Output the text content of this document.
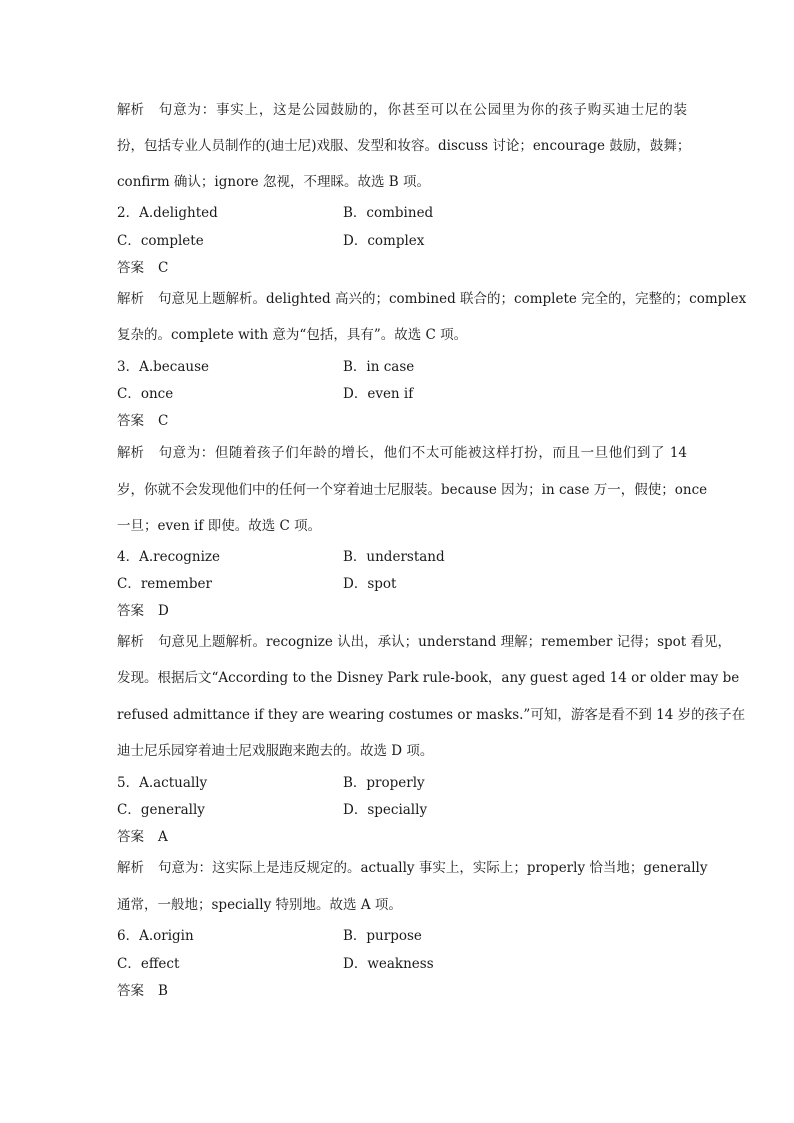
解析 句意为：事实上，这是公园鼓励的，你甚至可以在公园里为你的孩子购买迪士尼的装
扮，包括专业人员制作的(迪士尼)戏服、发型和妆容。discuss 讨论；encourage 鼓励，鼓舞；
confirm 确认；ignore 忽视，不理睬。故选 B 项。
2．A.delighted	B．combined
C．complete	D．complex
答案 C
解析 句意见上题解析。delighted 高兴的；combined 联合的；complete 完全的，完整的；complex
复杂的。complete with 意为“包括，具有”。故选 C 项。
3．A.because	B．in case
C．once	D．even if
答案 C
解析 句意为：但随着孩子们年龄的增长，他们不太可能被这样打扮，而且一旦他们到了 14
岁，你就不会发现他们中的任何一个穿着迪士尼服装。because 因为；in case 万一，假使；once
一旦；even if 即使。故选 C 项。
4．A.recognize	B．understand
C．remember	D．spot
答案 D
解析 句意见上题解析。recognize 认出，承认；understand 理解；remember 记得；spot 看见，
发现。根据后文“According to the Disney Park rule-book，any guest aged 14 or older may be
refused admittance if they are wearing costumes or masks.”可知，游客是看不到 14 岁的孩子在
迪士尼乐园穿着迪士尼戏服跑来跑去的。故选 D 项。
5．A.actually	B．properly
C．generally	D．specially
答案 A
解析 句意为：这实际上是违反规定的。actually 事实上，实际上；properly 恰当地；generally
通常，一般地；specially 特别地。故选 A 项。
6．A.origin	B．purpose
C．effect	D．weakness
答案 B
